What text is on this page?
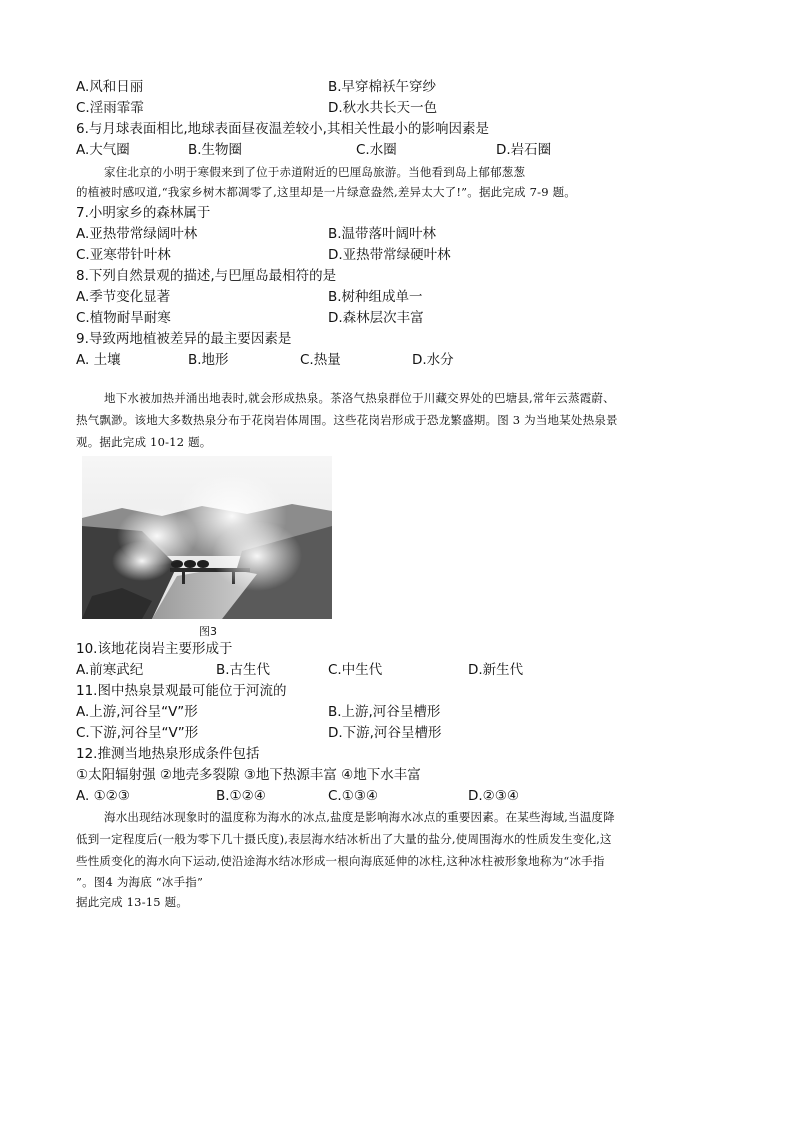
A.风和日丽	B.早穿棉袄午穿纱
C.淫雨霏霏	D.秋水共长天一色
6.与月球表面相比,地球表面昼夜温差较小,其相关性最小的影响因素是
A.大气圈	B.生物圈	C.水圈	D.岩石圈
家住北京的小明于寒假来到了位于赤道附近的巴厘岛旅游。当他看到岛上郁郁葱葱
的植被时感叹道,“我家乡树木都凋零了,这里却是一片绿意盎然,差异太大了!”。据此完成 7-9 题。
7.小明家乡的森林属于
A.亚热带常绿阔叶林	B.温带落叶阔叶林
C.亚寒带针叶林	D.亚热带常绿硬叶林
8.下列自然景观的描述,与巴厘岛最相符的是
A.季节变化显著	B.树种组成单一
C.植物耐旱耐寒	D.森林层次丰富
9.导致两地植被差异的最主要因素是
A. 土壤	B.地形	C.热量	D.水分
地下水被加热并涌出地表时,就会形成热泉。茶洛气热泉群位于川藏交界处的巴塘县,常年云蒸霞蔚、
热气飘渺。该地大多数热泉分布于花岗岩体周围。这些花岗岩形成于恐龙繁盛期。图 3 为当地某处热泉景
观。据此完成 10-12 题。
图3
10.该地花岗岩主要形成于
A.前寒武纪	B.古生代	C.中生代	D.新生代
11.图中热泉景观最可能位于河流的
A.上游,河谷呈“V”形	B.上游,河谷呈槽形
C.下游,河谷呈“V”形	D.下游,河谷呈槽形
12.推测当地热泉形成条件包括
①太阳辐射强 ②地壳多裂隙 ③地下热源丰富 ④地下水丰富
A. ①②③	B.①②④	C.①③④	D.②③④
海水出现结冰现象时的温度称为海水的冰点,盐度是影响海水冰点的重要因素。在某些海域,当温度降
低到一定程度后(一般为零下几十摄氏度),表层海水结冰析出了大量的盐分,使周围海水的性质发生变化,这
些性质变化的海水向下运动,使沿途海水结冰形成一根向海底延伸的冰柱,这种冰柱被形象地称为“冰手指
”。图4 为海底 “冰手指”
据此完成 13-15 题。
